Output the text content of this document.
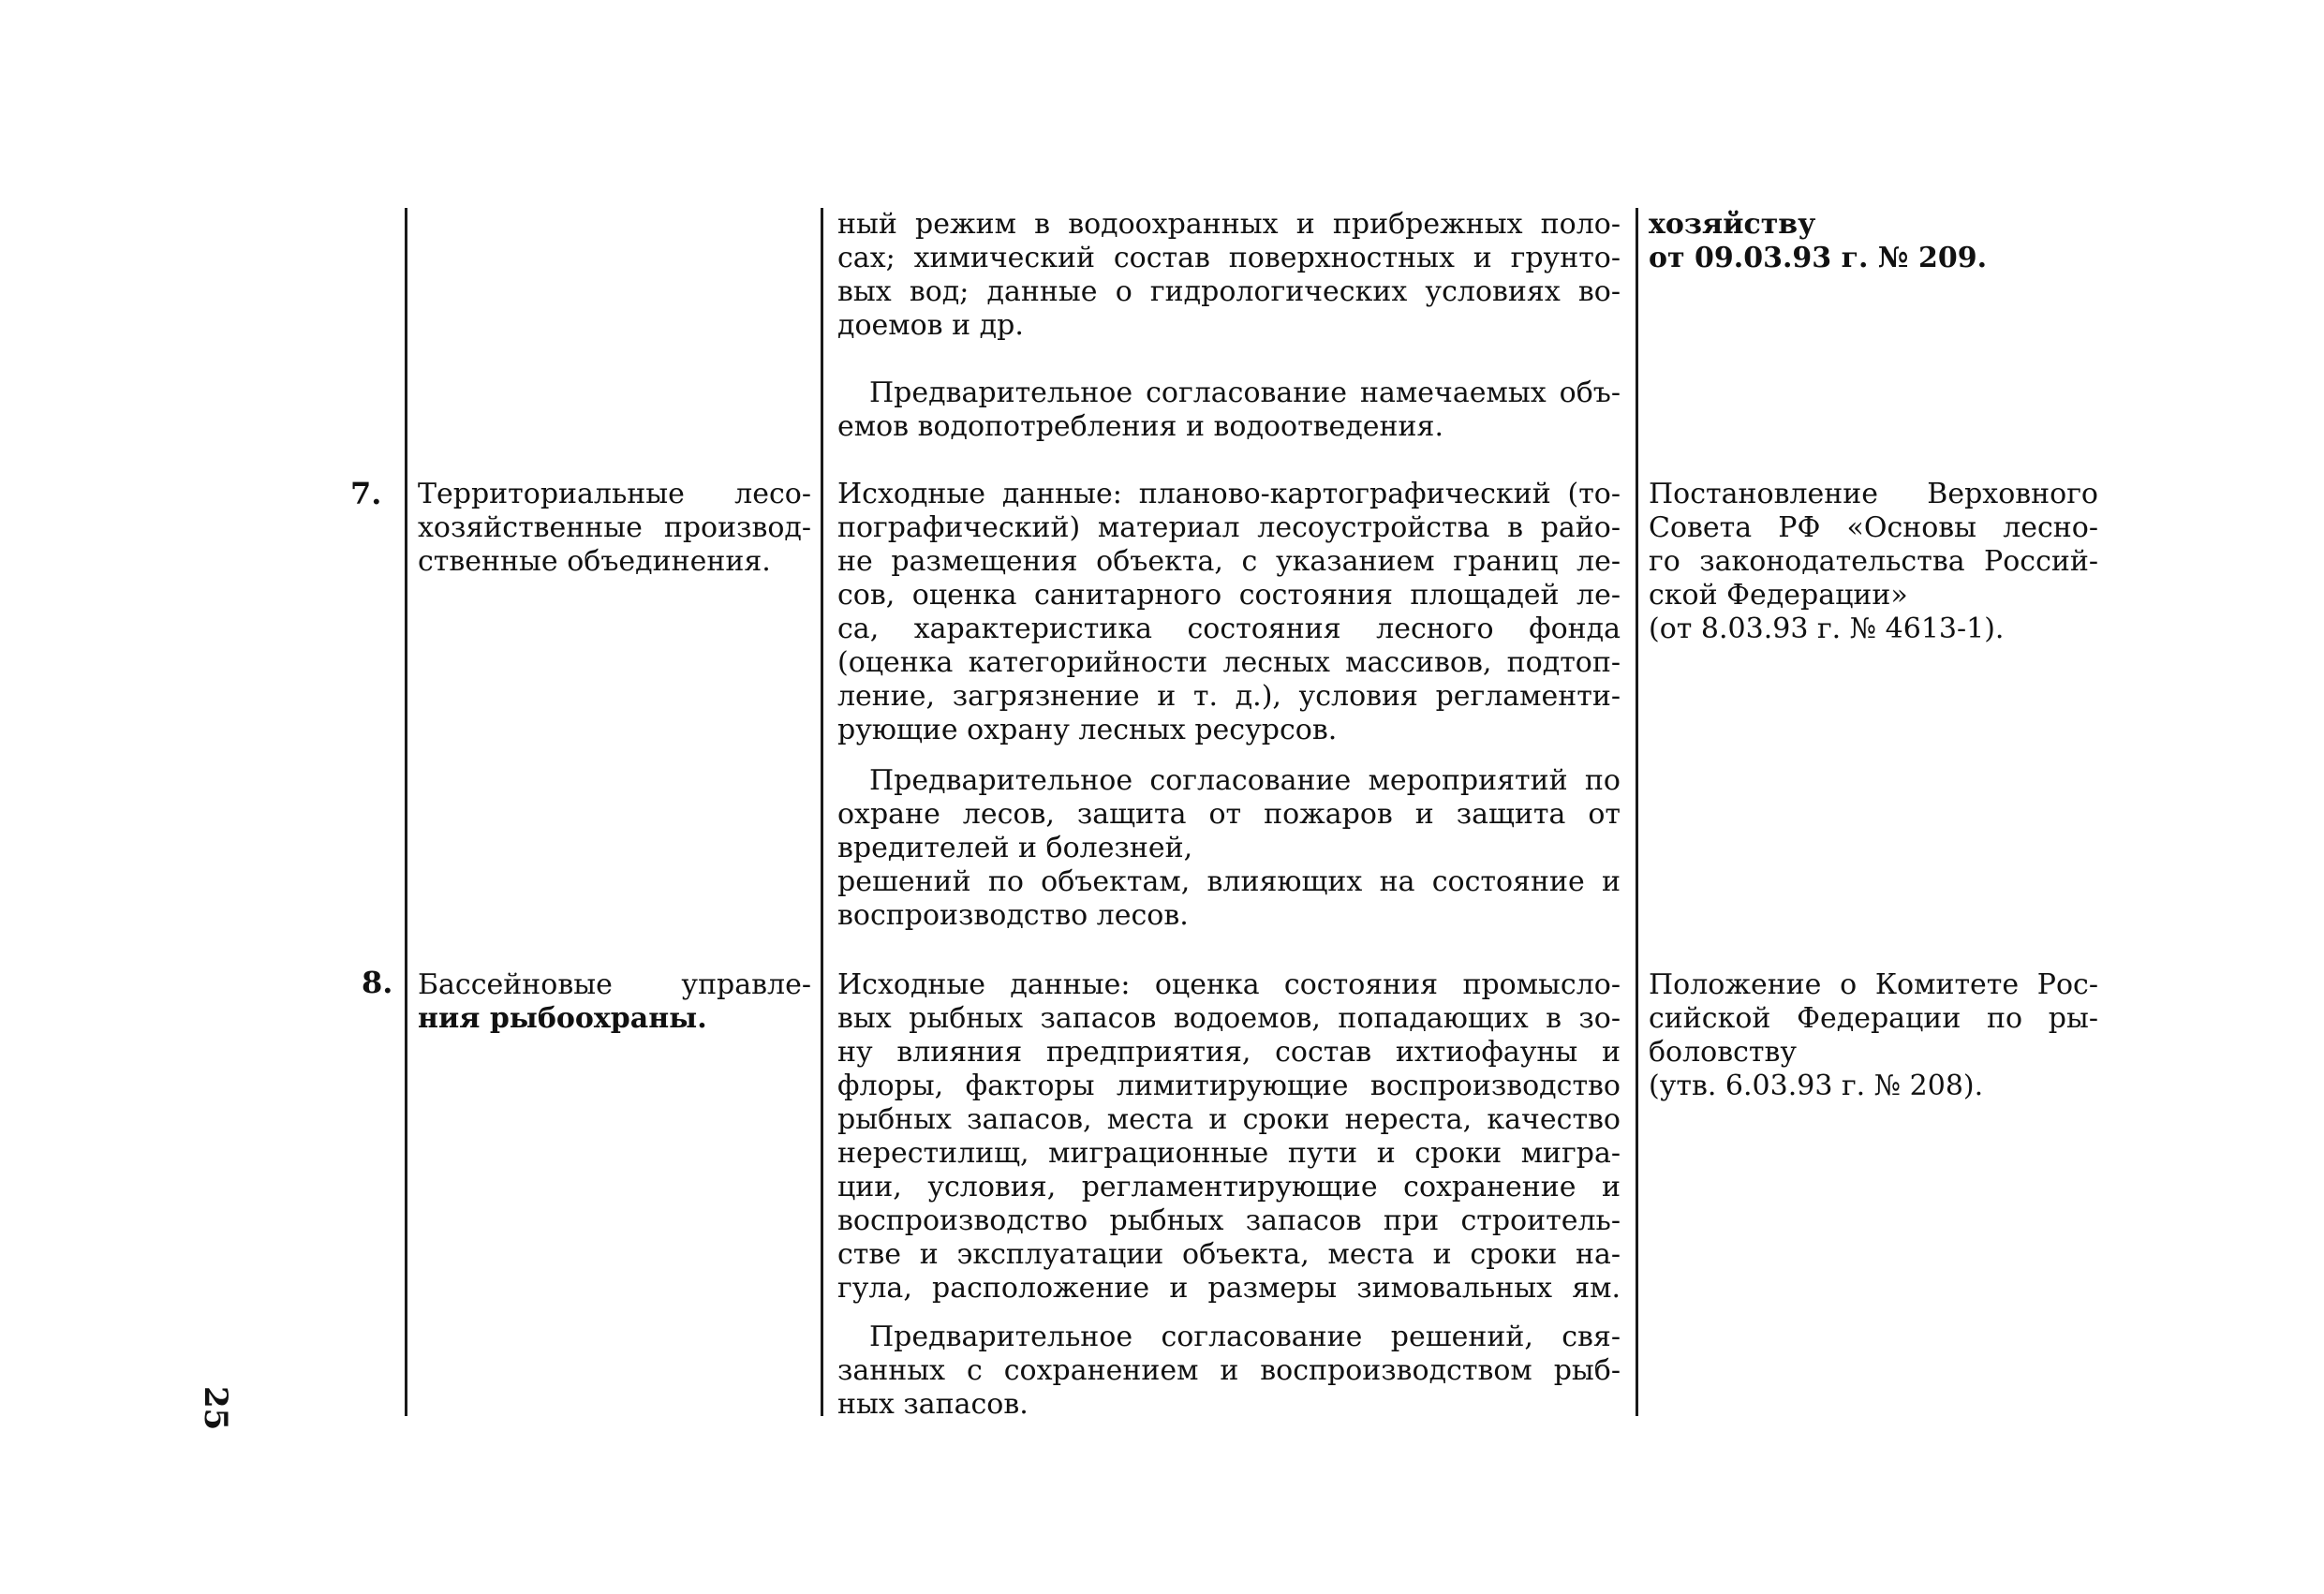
ный режим в водоохранных и прибрежных поло-
сах; химический состав поверхностных и грунто-
вых вод; данные о гидрологических условиях во-
доемов и др.
Предварительное согласование намечаемых объ-
емов водопотребления и водоотведения.
хозяйству
от 09.03.93 г. № 209.
7. Территориальные лесо-
хозяйственные производ-
ственные объединения.
Исходные данные: планово-картографический (то-
пографический) материал лесоустройства в райо-
не размещения объекта, с указанием границ ле-
сов, оценка санитарного состояния площадей ле-
са, характеристика состояния лесного фонда
(оценка категорийности лесных массивов, подтоп-
ление, загрязнение и т. д.), условия регламенти-
рующие охрану лесных ресурсов.
Предварительное согласование мероприятий по
охране лесов, защита от пожаров и защита от
вредителей и болезней,
решений по объектам, влияющих на состояние и
воспроизводство лесов.
Постановление Верховного
Совета РФ «Основы лесно-
го законодательства Россий-
ской Федерации»
(от 8.03.93 г. № 4613-1).
8. Бассейновые управле-
ния рыбоохраны.
Исходные данные: оценка состояния промысло-
вых рыбных запасов водоемов, попадающих в зо-
ну влияния предприятия, состав ихтиофауны и
флоры, факторы лимитирующие воспроизводство
рыбных запасов, места и сроки нереста, качество
нерестилищ, миграционные пути и сроки мигра-
ции, условия, регламентирующие сохранение и
воспроизводство рыбных запасов при строитель-
стве и эксплуатации объекта, места и сроки на-
гула, расположение и размеры зимовальных ям.
Предварительное согласование решений, свя-
занных с сохранением и воспроизводством рыб-
ных запасов.
Положение о Комитете Рос-
сийской Федерации по ры-
боловству
(утв. 6.03.93 г. № 208).
25
